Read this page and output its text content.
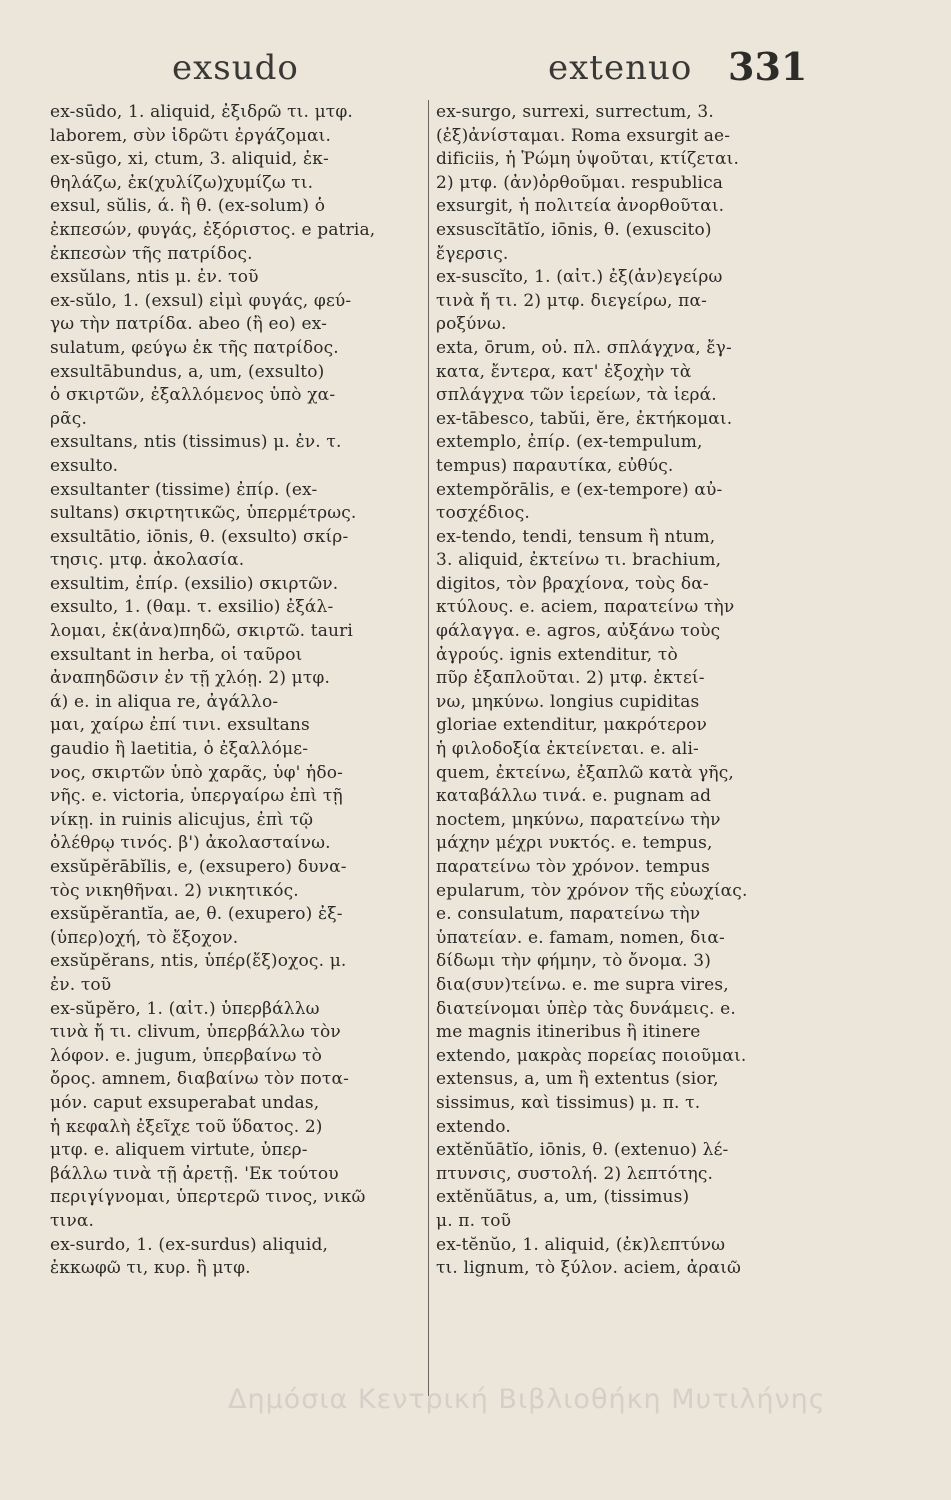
exsudo	extenuo 331
ex-sūdo, 1. aliquid, ἐξιδρῶ τι. μτφ.
laborem, σὺν ἱδρῶτι ἐργάζομαι.
ex-sūgo, xi, ctum, 3. aliquid, ἐκ-
θηλάζω, ἐκ(χυλίζω)χυμίζω τι.
exsul, sŭlis, ά. ἢ θ. (ex-solum) ὁ
ἐκπεσών, φυγάς, ἐξόριστος. e patria,
ἐκπεσὼν τῆς πατρίδος.
exsŭlans, ntis μ. ἐν. τοῦ
ex-sŭlo, 1. (exsul) εἰμὶ φυγάς, φεύ-
γω τὴν πατρίδα. abeo (ἢ eo) ex-
sulatum, φεύγω ἐκ τῆς πατρίδος.
exsultābundus, a, um, (exsulto)
ὁ σκιρτῶν, ἐξαλλόμενος ὑπὸ χα-
ρᾶς.
exsultans, ntis (tissimus) μ. ἐν. τ.
exsulto.
exsultanter (tissime) ἐπίρ. (ex-
sultans) σκιρτητικῶς, ὑπερμέτρως.
exsultātio, iōnis, θ. (exsulto) σκίρ-
τησις. μτφ. ἀκολασία.
exsultim, ἐπίρ. (exsilio) σκιρτῶν.
exsulto, 1. (θαμ. τ. exsilio) ἐξάλ-
λομαι, ἐκ(ἀνα)πηδῶ, σκιρτῶ. tauri
exsultant in herba, οἱ ταῦροι
ἀναπηδῶσιν ἐν τῇ χλόῃ. 2) μτφ.
ά) e. in aliqua re, ἀγάλλο-
μαι, χαίρω ἐπί τινι. exsultans
gaudio ἢ laetitia, ὁ ἐξαλλόμε-
νος, σκιρτῶν ὑπὸ χαρᾶς, ὑφ' ἡδο-
νῆς. e. victoria, ὑπεργαίρω ἐπὶ τῇ
νίκῃ. in ruinis alicujus, ἐπὶ τῷ
ὀλέθρῳ τινός. β') ἀκολασταίνω.
exsŭpĕrābĭlis, e, (exsupero) δυνα-
τὸς νικηθῆναι. 2) νικητικός.
exsŭpĕrantĭa, ae, θ. (exupero) ἐξ-
(ὑπερ)οχή, τὸ ἔξοχον.
exsŭpĕrans, ntis, ὑπέρ(ἔξ)οχος. μ.
ἐν. τοῦ
ex-sŭpĕro, 1. (αἰτ.) ὑπερβάλλω
τινὰ ἤ τι. clivum, ὑπερβάλλω τὸν
λόφον. e. jugum, ὑπερβαίνω τὸ
ὄρος. amnem, διαβαίνω τὸν ποτα-
μόν. caput exsuperabat undas,
ἡ κεφαλὴ ἐξεῖχε τοῦ ὕδατος. 2)
μτφ. e. aliquem virtute, ὑπερ-
βάλλω τινὰ τῇ ἀρετῇ. 'Εκ τούτου
περιγίγνομαι, ὑπερτερῶ τινος, νικῶ
τινα.
ex-surdo, 1. (ex-surdus) aliquid,
ἐκκωφῶ τι, κυρ. ἢ μτφ.
ex-surgo, surrexi, surrectum, 3.
(ἐξ)ἀνίσταμαι. Roma exsurgit ae-
dificiis, ἡ Ῥώμη ὑψοῦται, κτίζεται.
2) μτφ. (ἀν)ὀρθοῦμαι. respublica
exsurgit, ἡ πολιτεία ἀνορθοῦται.
exsuscĭtātĭo, iōnis, θ. (exuscito)
ἔγερσις.
ex-suscĭto, 1. (αἰτ.) ἐξ(ἀν)εγείρω
τινὰ ἤ τι. 2) μτφ. διεγείρω, πα-
ροξύνω.
exta, ōrum, οὐ. πλ. σπλάγχνα, ἔγ-
κατα, ἔντερα, κατ' ἐξοχὴν τὰ
σπλάγχνα τῶν ἱερείων, τὰ ἱερά.
ex-tābesco, tabŭi, ĕre, ἐκτήκομαι.
extemplo, ἐπίρ. (ex-tempulum,
tempus) παραυτίκα, εὐθύς.
extempŏrālis, e (ex-tempore) αὐ-
τοσχέδιος.
ex-tendo, tendi, tensum ἢ ntum,
3. aliquid, ἐκτείνω τι. brachium,
digitos, τὸν βραχίονα, τοὺς δα-
κτύλους. e. aciem, παρατείνω τὴν
φάλαγγα. e. agros, αὐξάνω τοὺς
ἀγρούς. ignis extenditur, τὸ
πῦρ ἐξαπλοῦται. 2) μτφ. ἐκτεί-
νω, μηκύνω. longius cupiditas
gloriae extenditur, μακρότερον
ἡ φιλοδοξία ἐκτείνεται. e. ali-
quem, ἐκτείνω, ἐξαπλῶ κατὰ γῆς,
καταβάλλω τινά. e. pugnam ad
noctem, μηκύνω, παρατείνω τὴν
μάχην μέχρι νυκτός. e. tempus,
παρατείνω τὸν χρόνον. tempus
epularum, τὸν χρόνον τῆς εὐωχίας.
e. consulatum, παρατείνω τὴν
ὑπατείαν. e. famam, nomen, δια-
δίδωμι τὴν φήμην, τὸ ὄνομα. 3)
δια(συν)τείνω. e. me supra vires,
διατείνομαι ὑπὲρ τὰς δυνάμεις. e.
me magnis itineribus ἢ itinere
extendo, μακρὰς πορείας ποιοῦμαι.
extensus, a, um ἢ extentus (sior,
sissimus, καὶ tissimus) μ. π. τ.
extendo.
extĕnŭātĭo, iōnis, θ. (extenuo) λέ-
πτυνσις, συστολή. 2) λεπτότης.
extĕnŭātus, a, um, (tissimus)
μ. π. τοῦ
ex-tĕnŭo, 1. aliquid, (ἐκ)λεπτύνω
τι. lignum, τὸ ξύλον. aciem, ἀραιῶ
Δημόσια Κεντρική Βιβλιοθήκη Μυτιλήνης
